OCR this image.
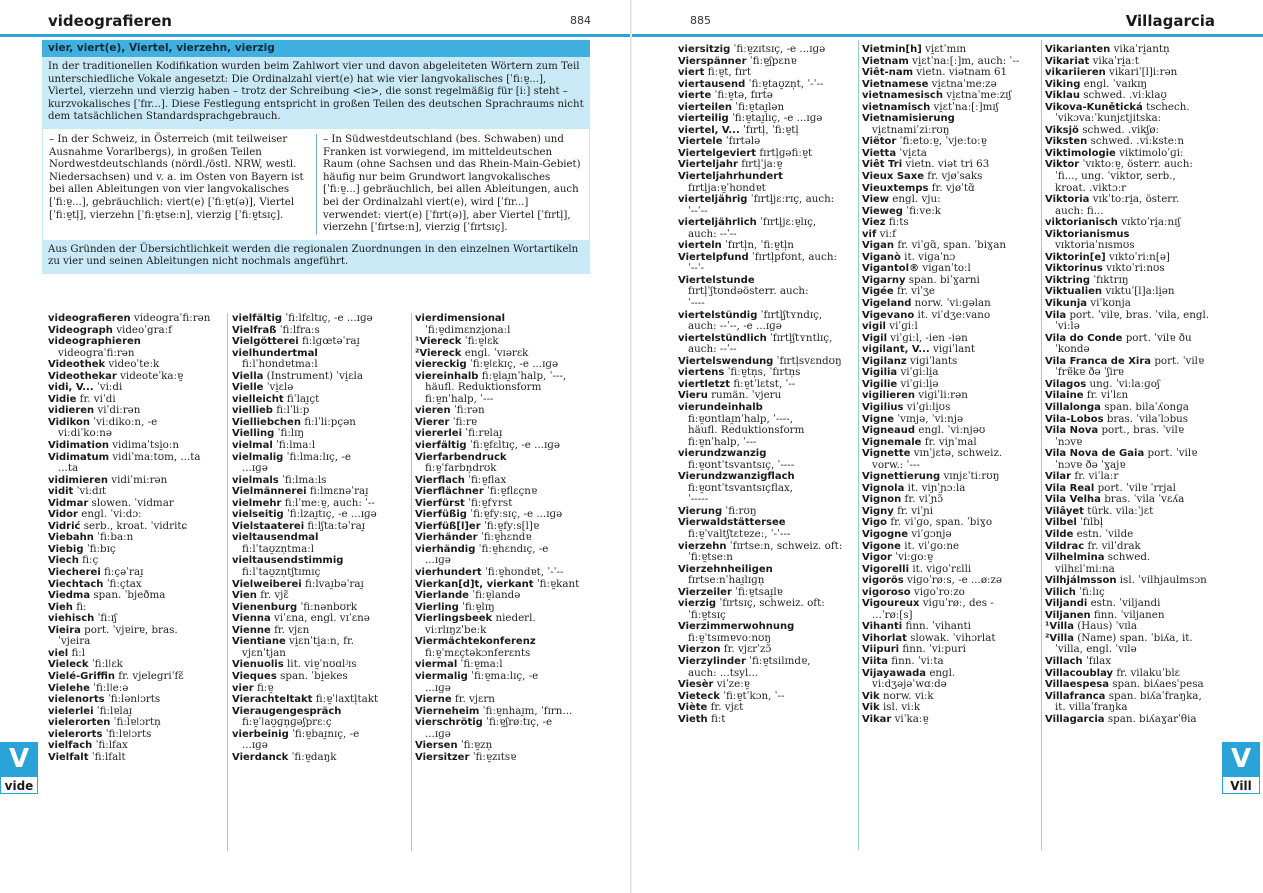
videografieren	884
vier, viert(e), Viertel, vierzehn, vierzig
In der traditionellen Kodifikation wurden beim Zahlwort vier und davon abgeleiteten Wörtern zum Teil unterschiedliche Vokale angesetzt: Die Ordinalzahl viert(e) hat wie vier langvokalisches [ˈfiːɐ̯...], Viertel, vierzehn und vierzig haben – trotz der Schreibung <ie>, die sonst regelmäßig für [iː] steht – kurzvokalisches [ˈfɪr...]. Diese Festlegung entspricht in großen Teilen des deutschen Sprachraums nicht dem tatsächlichen Standardsprachgebrauch.
– In der Schweiz, in Österreich (mit teilweiser Ausnahme Vorarlbergs), in großen Teilen Nordwestdeutschlands (nördl./östl. NRW, westl. Niedersachsen) und v. a. im Osten von Bayern ist bei allen Ableitungen von vier langvokalisches [ˈfiːɐ̯...], gebräuchlich: viert(e) [ˈfiːɐ̯t(ə)], Viertel [ˈfiːɐ̯tl̩], vierzehn [ˈfiːɐ̯tseːn], vierzig [ˈfiːɐ̯tsɪç].
– In Südwestdeutschland (bes. Schwaben) und Franken ist vorwiegend, im mitteldeutschen Raum (ohne Sachsen und das Rhein-Main-Gebiet) häufig nur beim Grundwort langvokalisches [ˈfiːɐ̯...] gebräuchlich, bei allen Ableitungen, auch bei der Ordinalzahl viert(e), wird [ˈfɪr...] verwendet: viert(e) [ˈfɪrt(ə)], aber Viertel [ˈfɪrtl̩], vierzehn [ˈfɪrtseːn], vierzig [ˈfɪrtsɪç].
Aus Gründen der Übersichtlichkeit werden die regionalen Zuordnungen in den einzelnen Wortartikeln zu vier und seinen Ableitungen nicht nochmals angeführt.
videografieren videograˈfiːrən
Videograph videoˈgraːf
videographieren
videograˈfiːrən
Videothek videoˈteːk
Videothekar videoteˈkaːɐ̯
vidi, V... ˈviːdi
Vidie fr. viˈdi
vidieren viˈdiːrən
Vidikon ˈviːdikoːn, -e
viːdiˈkoːnə
Vidimation vidimaˈtsi̯oːn
Vidimatum vidiˈmaːtʊm, ...ta
...ta
vidimieren vidiˈmiːrən
vidit ˈviːdɪt
Vidmar slowen. ˈvidmar
Vidor engl. ˈviːdɔː
Vidrić serb., kroat. ˈvidritɕ
Viebahn ˈfiːbaːn
Viebig ˈfiːbɪç
Viech fiːç
Viecherei fiːçəˈraɪ̯
Viechtach ˈfiːçtax
Viedma span. ˈbjeðma
Vieh fiː
viehisch ˈfiːɪʃ
Vieira port. ˈvjɐirɐ, bras.
ˈvjeira
viel fiːl
Vieleck ˈfiːlǀɛk
Vielé-Griffin fr. vjelegriˈfɛ̃
Vielehe ˈfiːlǀeːə
vielenorts ˈfiːlənǀɔrts
vielerlei ˈfiːlɐlaɪ̯
vielerorten ˈfiːlɐǀɔrtn̩
vielerorts ˈfiːlɐǀɔrts
vielfach ˈfiːlfax
Vielfalt ˈfiːlfalt
vielfältig ˈfiːlfɛltɪç, -e ...ɪɡə
Vielfraß ˈfiːlfraːs
Vielgötterei fiːlɡœtəˈraɪ̯
vielhundertmal
fiːlˈhʊndɐtmaːl
Viella (Instrument) ˈvi̯ɛla
Vielle ˈvi̯ɛlə
vielleicht fiˈlaɪ̯çt
viellieb fiːlˈliːp
Vielliebchen fiːlˈliːpçən
Vielling ˈfiːlɪŋ
vielmal ˈfiːlmaːl
vielmalig ˈfiːlmaːlɪç, -e
...ɪɡə
vielmals ˈfiːlmaːls
Vielmännerei fiːlmɛnəˈraɪ̯
vielmehr fiːlˈmeːɐ̯, auch: ˈ--
vielseitig ˈfiːlzaɪ̯tɪç, -e ...ɪɡə
Vielstaaterei fiːlʃtaːtəˈraɪ̯
vieltausendmal
fiːlˈtaʊ̯zn̩tmaːl
vieltausendstimmig
fiːlˈtaʊ̯zn̩tʃtɪmɪç
Vielweiberei fiːlvaɪ̯bəˈraɪ̯
Vien fr. vjɛ̃
Vienenburg ˈfiːnənbʊrk
Vienna viˈɛna, engl. vɪˈɛnə
Vienne fr. vjɛn
Vientiane vi̯ɛnˈti̯aːn, fr.
vjɛnˈtjan
Vienuolis lit. viɐ̯ˈnʊɑlʲɪs
Vieques span. ˈbi̯ekes
vier fiːɐ̯
Vierachteltakt fiːɐ̯ˈǀaxtl̩takt
Vieraugengespräch
fiːɐ̯ˈǀaʊ̯ɡn̩ɡəʃprɛːç
vierbeinig ˈfiːɐ̯baɪ̯nɪç, -e
...ɪɡə
Vierdanck ˈfiːɐ̯daŋk
vierdimensional
ˈfiːɐ̯dimɛnzi̯onaːl
¹Viereck ˈfiːɐ̯ǀɛk
²Viereck engl. ˈvɪərɛk
viereckig ˈfiːɐ̯ǀɛkɪç, -e ...ɪɡə
viereinhalb fiːɐ̯laɪ̯nˈhalp, ˈ---,
häufl. Reduktionsform
fiːɐ̯nˈhalp, ˈ---
vieren ˈfiːrən
Vierer ˈfiːrɐ
viererlei ˈfiːrɐlaɪ̯
vierfältig ˈfiːɐ̯fɛltɪç, -e ...ɪɡə
Vierfarbendruck
fiːɐ̯ˈfarbn̩drʊk
Vierflach ˈfiːɐ̯flax
Vierflächner ˈfiːɐ̯flɛçnɐ
Vierfürst ˈfiːɐ̯fʏrst
Vierfüßig ˈfiːɐ̯fyːsɪç, -e ...ɪɡə
Vierfüß[l]er ˈfiːɐ̯fyːs[l]ɐ
Vierhänder ˈfiːɐ̯hɛndɐ
vierhändig ˈfiːɐ̯hɛndɪç, -e
...ɪɡə
vierhundert ˈfiːɐ̯hʊndɐt, ˈ-ˈ--
Vierkan[d]t, vierkant ˈfiːɐ̯kant
Vierlande ˈfiːɐ̯landə
Vierling ˈfiːɐ̯lɪŋ
Vierlingsbeek niederl.
viːrlɪŋzˈbeːk
Viermächtekonferenz
fiːɐ̯ˈmɛçtəkɔnferɛnts
viermal ˈfiːɐ̯maːl
viermalig ˈfiːɐ̯maːlɪç, -e
...ɪɡə
Vierne fr. vjɛrn
Vierneheim ˈfiːɐ̯nhaɪ̯m, ˈfɪrn...
vierschrötig ˈfiːɐ̯ʃrøːtɪç, -e
...ɪɡə
Viersen ˈfiːɐ̯zn̩
Viersitzer ˈfiːɐ̯zɪtsɐ
V
vide
885	Villagarcia
viersitzig ˈfiːɐ̯zɪtsɪç, -e ...ɪɡə
Vierspänner ˈfiːɐ̯ʃpɛnɐ
viert fiːɐ̯t, fɪrt
viertausend ˈfiːɐ̯taʊ̯zn̩t, ˈ-ˈ--
vierte ˈfiːɐ̯tə, fɪrtə
vierteilen ˈfiːɐ̯taɪ̯lən
vierteilig ˈfiːɐ̯taɪ̯lɪç, -e ...ɪɡə
viertel, V... ˈfɪrtl̩, ˈfiːɐ̯tl̩
Viertele ˈfɪrtələ
Viertelgeviert fɪrtl̩ɡəfiːɐ̯t
Vierteljahr fɪrtl̩ˈjaːɐ̯
Vierteljahrhundert
fɪrtl̩jaːɐ̯ˈhʊndɐt
vierteljährig ˈfɪrtl̩jɛːrɪç, auch:
ˈ--ˈ--
vierteljährlich ˈfɪrtl̩jɛːɐ̯lɪç,
auch: --ˈ--
vierteln ˈfɪrtl̩n, ˈfiːɐ̯tl̩n
Viertelpfund ˈfɪrtl̩pfʊnt, auch:
ˈ--ˈ-
Viertelstunde
fɪrtl̩ˈʃtʊndəösterr. auch:
ˈ----
viertelstündig ˈfɪrtl̩ʃtʏndɪç,
auch: --ˈ--, -e ...ɪɡə
viertelstündlich ˈfɪrtl̩ʃtʏntlɪç,
auch: --ˈ--
Viertelswendung ˈfɪrtl̩svɛndʊŋ
viertens ˈfiːɐ̯tn̩s, ˈfɪrtn̩s
viertletzt fiːɐ̯tˈlɛtst, ˈ--
Vieru rumän. ˈvjeru
vierundeinhalb
fiːɐ̯ʊntlaɪ̯nˈhalp, ˈ----,
häufl. Reduktionsform
fiːɐ̯nˈhalp, ˈ---
vierundzwanzig
fiːɐ̯ʊntˈtsvantsɪç, ˈ----
Vierundzwanzigflach
fiːɐ̯ʊntˈtsvantsɪçflax,
ˈ-----
Vierung ˈfiːrʊŋ
Vierwaldstättersee
fiːɐ̯ˈvaltʃtɛtɐzeː, ˈ-ˈ---
vierzehn ˈfɪrtseːn, schweiz. oft:
ˈfiːɐ̯tseːn
Vierzehnheiligen
fɪrtseːnˈhaɪ̯lɪɡn̩
Vierzeiler ˈfiːɐ̯tsaɪ̯lɐ
vierzig ˈfɪrtsɪç, schweiz. oft:
ˈfiːɐ̯tsɪç
Vierzimmerwohnung
fiːɐ̯ˈtsɪmɐvoːnʊŋ
Vierzon fr. vjɛrˈzɔ̃
Vierzylinder ˈfiːɐ̯tsilɪndɐ,
auch: ...tsyl...
Viesèr viˈzeːɐ̯
Vieteck ˈfiːɐ̯tˈkɔn, ˈ--
Viète fr. vjɛt
Vieth fiːt
Vietmin[h] vi̯ɛtˈmɪn
Vietnam vi̯ɛtˈnaː[ː]m, auch: ˈ--
Viêt-nam vietn. viətnam 61
Vietnamese vi̯ɛtnaˈmeːzə
vietnamesisch vi̯ɛtnaˈmeːzɪʃ
vietnamisch vi̯ɛtˈnaː[ː]mɪʃ
Vietnamisierung
vi̯ɛtnamiˈziːrʊŋ
Viëtor ˈfiːetoːɐ̯, ˈvjeːtoːɐ̯
Vietta ˈvi̯ɛta
Viêt Tri vietn. viət tri 63
Vieux Saxe fr. vjøˈsaks
Vieuxtemps fr. vjøˈtɑ̃
View engl. vjuː
Vieweg ˈfiːveːk
Viez fiːts
vif viːf
Vigan fr. viˈɡɑ̃, span. ˈbiɣan
Viganò it. viɡaˈnɔ
Vigantol® viɡanˈtoːl
Vigarny span. biˈɣarni
Vigée fr. viˈʒe
Vigeland norw. ˈviːɡəlan
Vigevano it. viˈdʒeːvano
vigil viˈɡiːl
Vigil viˈɡiːl, -ien -iən
vigilant, V... viɡiˈlant
Vigilanz viɡiˈlants
Vigilia viˈɡiːli̯a
Vigilie viˈɡiːli̯ə
vigilieren viɡiˈliːrən
Vigilius viˈɡiːli̯ʊs
Vigne ˈvɪnjə, ˈviːnjə
Vigneaud engl. ˈviːnjəʊ
Vignemale fr. viɲˈmal
Vignette vɪnˈjɛtə, schweiz.
vorw.: ˈ---
Vignettierung vɪnjɛˈtiːrʊŋ
Vignola it. viɲˈɲɔːla
Vignon fr. viˈɲɔ̃
Vigny fr. viˈɲi
Vigo fr. viˈɡo, span. ˈbiɣo
Vigogne viˈɡɔnjə
Vigone it. viˈɡoːne
Vigor ˈviːɡoːɐ̯
Vigorelli it. viɡoˈrɛlli
vigorös viɡoˈrøːs, -e ...øːzə
vigoroso viɡoˈroːzo
Vigoureux viɡuˈrøː, des -
...ˈrøː[s]
Vihanti finn. ˈvihanti
Vihorlat slowak. ˈvihɔrlat
Viipuri finn. ˈviːpuri
Viita finn. ˈviːta
Vijayawada engl.
viːdʒəjəˈwɑːdə
Vik norw. viːk
Vik isl. viːk
Vikar viˈkaːɐ̯
Vikarianten vikaˈri̯antn̩
Vikariat vikaˈri̯aːt
vikariieren vikariˈ[l]iːrən
Viking engl. ˈvaɪkɪŋ
Viklau schwed. .viːklaʊ̯
Vikova-Kunětická tschech.
ˈvikɔvaːˈkunjɛtjitskaː
Viksjö schwed. .vikʃøː
Viksten schwed. .viːksteːn
Viktimologie viktimoloˈɡiː
Viktor ˈvɪktoːɐ̯, österr. auch:
ˈfi..., ung. ˈviktor, serb.,
kroat. .viktɔːr
Viktoria vɪkˈtoːri̯a, österr.
auch: fi...
viktorianisch vɪktoˈri̯aːnɪʃ
Viktorianismus
vɪktoriaˈnɪsmʊs
Viktorin[e] vɪktoˈriːn[ə]
Viktorinus vɪktoˈriːnʊs
Viktring ˈfɪktrɪŋ
Viktualien vɪktuˈ[l]aːli̯ən
Vikunja viˈkʊnja
Vila port. ˈvilɐ, bras. ˈvila, engl.
ˈviːlə
Vila do Conde port. ˈvilɐ ðu
ˈkondə
Vila Franca de Xira port. ˈvilɐ
ˈfrɐ̃kɐ ðə ˈʃirɐ
Vilagos ung. ˈviːlaːɡoʃ
Vilaine fr. viˈlɛn
Villalonga span. bilaˈʎonɡa
Vila-Lobos bras. ˈvilaˈlɔbus
Vila Nova port., bras. ˈvilɐ
ˈnɔvɐ
Vila Nova de Gaia port. ˈvilɐ
ˈnɔvɐ ðə ˈɣajɐ
Vilar fr. viˈlaːr
Vila Real port. ˈvilɐ ˈrrjal
Vila Velha bras. ˈvila ˈvɛʎa
Vilâyet türk. vilaːˈjɛt
Vilbel ˈfɪlbl̩
Vilde estn. ˈvilde
Vildrac fr. vilˈdrak
Vilhelmina schwed.
vilhɛlˈmiːna
Vilhjálmsson isl. ˈvilhjaulmsɔn
Vilich ˈfiːlɪç
Viljandi estn. ˈviljandi
Viljanen finn. ˈviljanen
¹Villa (Haus) ˈvɪla
²Villa (Name) span. ˈbiʎa, it.
ˈvilla, engl. ˈvɪlə
Villach ˈfɪlax
Villacoublay fr. vilakuˈblɛ
Villaespesa span. biʎaesˈpesa
Villafranca span. biʎaˈfraŋka,
it. villaˈfraŋka
Villagarcia span. biʎaɣarˈθia
V
Vill
